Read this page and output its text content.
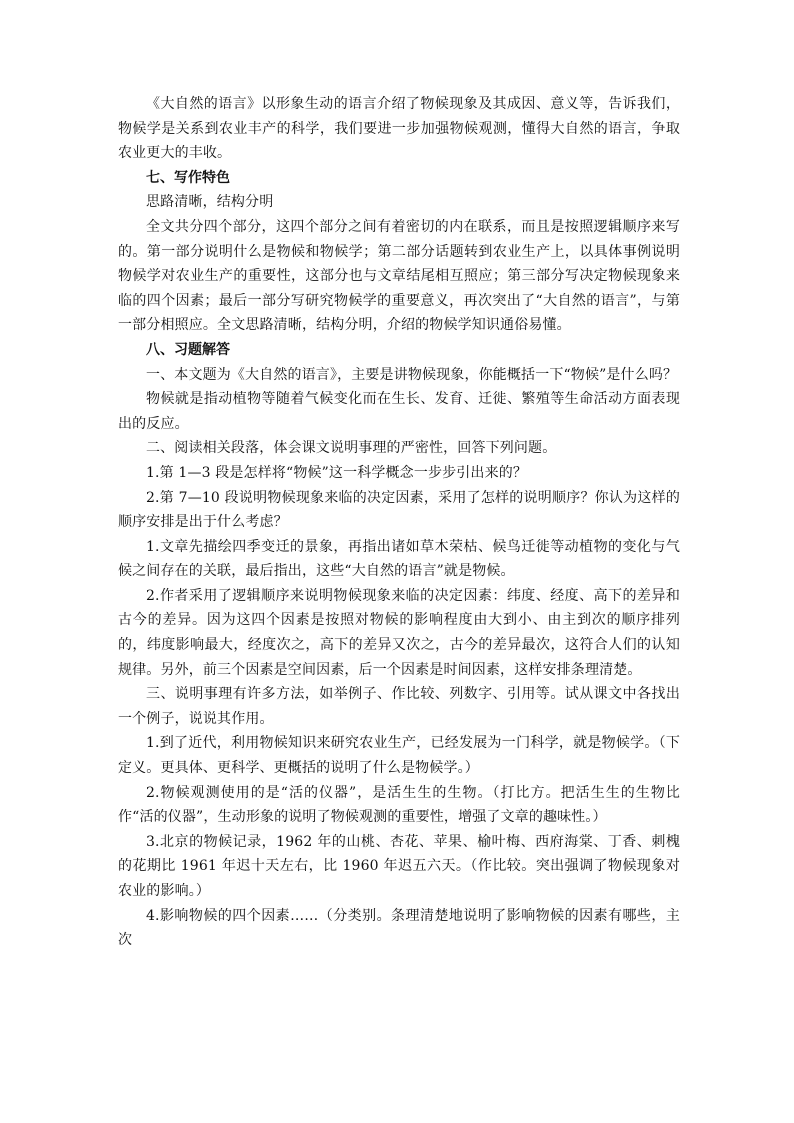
《大自然的语言》以形象生动的语言介绍了物候现象及其成因、意义等，告诉我们，物候学是关系到农业丰产的科学，我们要进一步加强物候观测，懂得大自然的语言，争取农业更大的丰收。

七、写作特色

思路清晰，结构分明

全文共分四个部分，这四个部分之间有着密切的内在联系，而且是按照逻辑顺序来写的。第一部分说明什么是物候和物候学；第二部分话题转到农业生产上，以具体事例说明物候学对农业生产的重要性，这部分也与文章结尾相互照应；第三部分写决定物候现象来临的四个因素；最后一部分写研究物候学的重要意义，再次突出了“大自然的语言”，与第一部分相照应。全文思路清晰，结构分明，介绍的物候学知识通俗易懂。

八、习题解答

一、本文题为《大自然的语言》，主要是讲物候现象，你能概括一下“物候”是什么吗？

物候就是指动植物等随着气候变化而在生长、发育、迁徙、繁殖等生命活动方面表现出的反应。

二、阅读相关段落，体会课文说明事理的严密性，回答下列问题。

1.第 1—3 段是怎样将“物候”这一科学概念一步步引出来的？

2.第 7—10 段说明物候现象来临的决定因素，采用了怎样的说明顺序？你认为这样的顺序安排是出于什么考虑？

1.文章先描绘四季变迁的景象，再指出诸如草木荣枯、候鸟迁徙等动植物的变化与气候之间存在的关联，最后指出，这些“大自然的语言”就是物候。

2.作者采用了逻辑顺序来说明物候现象来临的决定因素：纬度、经度、高下的差异和古今的差异。因为这四个因素是按照对物候的影响程度由大到小、由主到次的顺序排列的，纬度影响最大，经度次之，高下的差异又次之，古今的差异最次，这符合人们的认知规律。另外，前三个因素是空间因素，后一个因素是时间因素，这样安排条理清楚。

三、说明事理有许多方法，如举例子、作比较、列数字、引用等。试从课文中各找出一个例子，说说其作用。

1.到了近代，利用物候知识来研究农业生产，已经发展为一门科学，就是物候学。（下定义。更具体、更科学、更概括的说明了什么是物候学。）

2.物候观测使用的是“活的仪器”，是活生生的生物。（打比方。把活生生的生物比作“活的仪器”，生动形象的说明了物候观测的重要性，增强了文章的趣味性。）

3.北京的物候记录，1962 年的山桃、杏花、苹果、榆叶梅、西府海棠、丁香、刺槐的花期比 1961 年迟十天左右，比 1960 年迟五六天。（作比较。突出强调了物候现象对农业的影响。）

4.影响物候的四个因素……（分类别。条理清楚地说明了影响物候的因素有哪些，主次
